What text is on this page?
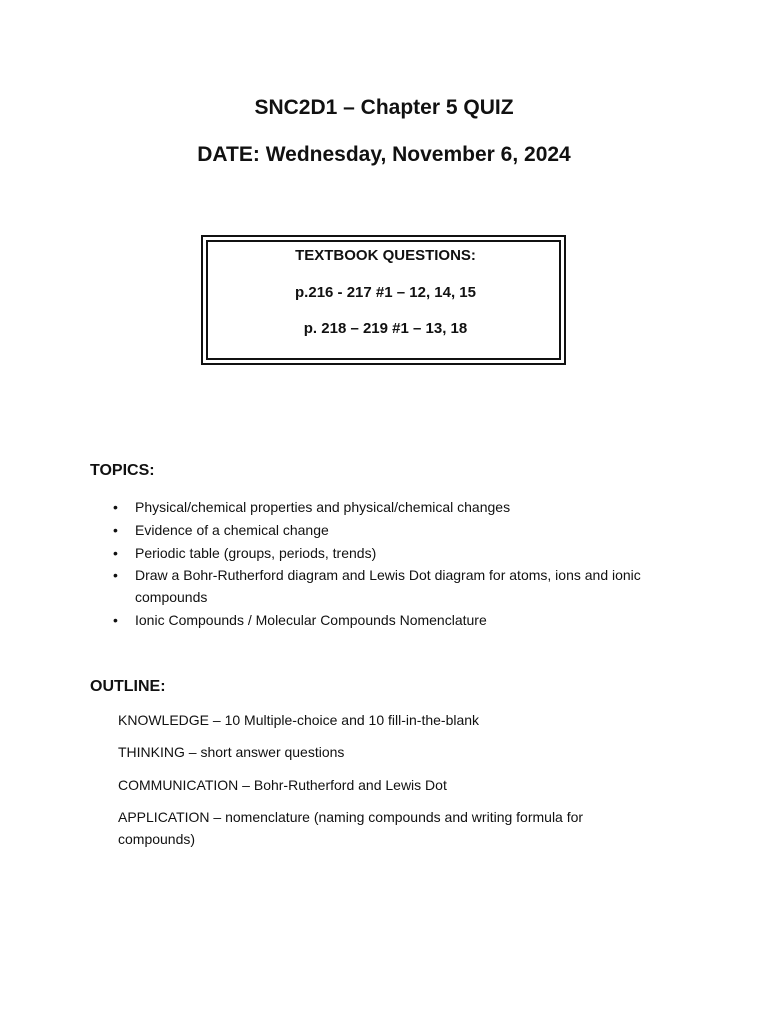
SNC2D1 – Chapter 5 QUIZ
DATE: Wednesday, November 6, 2024
TEXTBOOK QUESTIONS:
p.216 - 217 #1 – 12, 14, 15
p. 218 – 219 #1 – 13, 18
TOPICS:
• Physical/chemical properties and physical/chemical changes
• Evidence of a chemical change
• Periodic table (groups, periods, trends)
• Draw a Bohr-Rutherford diagram and Lewis Dot diagram for atoms, ions and ionic compounds
• Ionic Compounds / Molecular Compounds Nomenclature
OUTLINE:

KNOWLEDGE – 10 Multiple-choice and 10 fill-in-the-blank

THINKING – short answer questions

COMMUNICATION – Bohr-Rutherford and Lewis Dot

APPLICATION – nomenclature (naming compounds and writing formula for compounds)
